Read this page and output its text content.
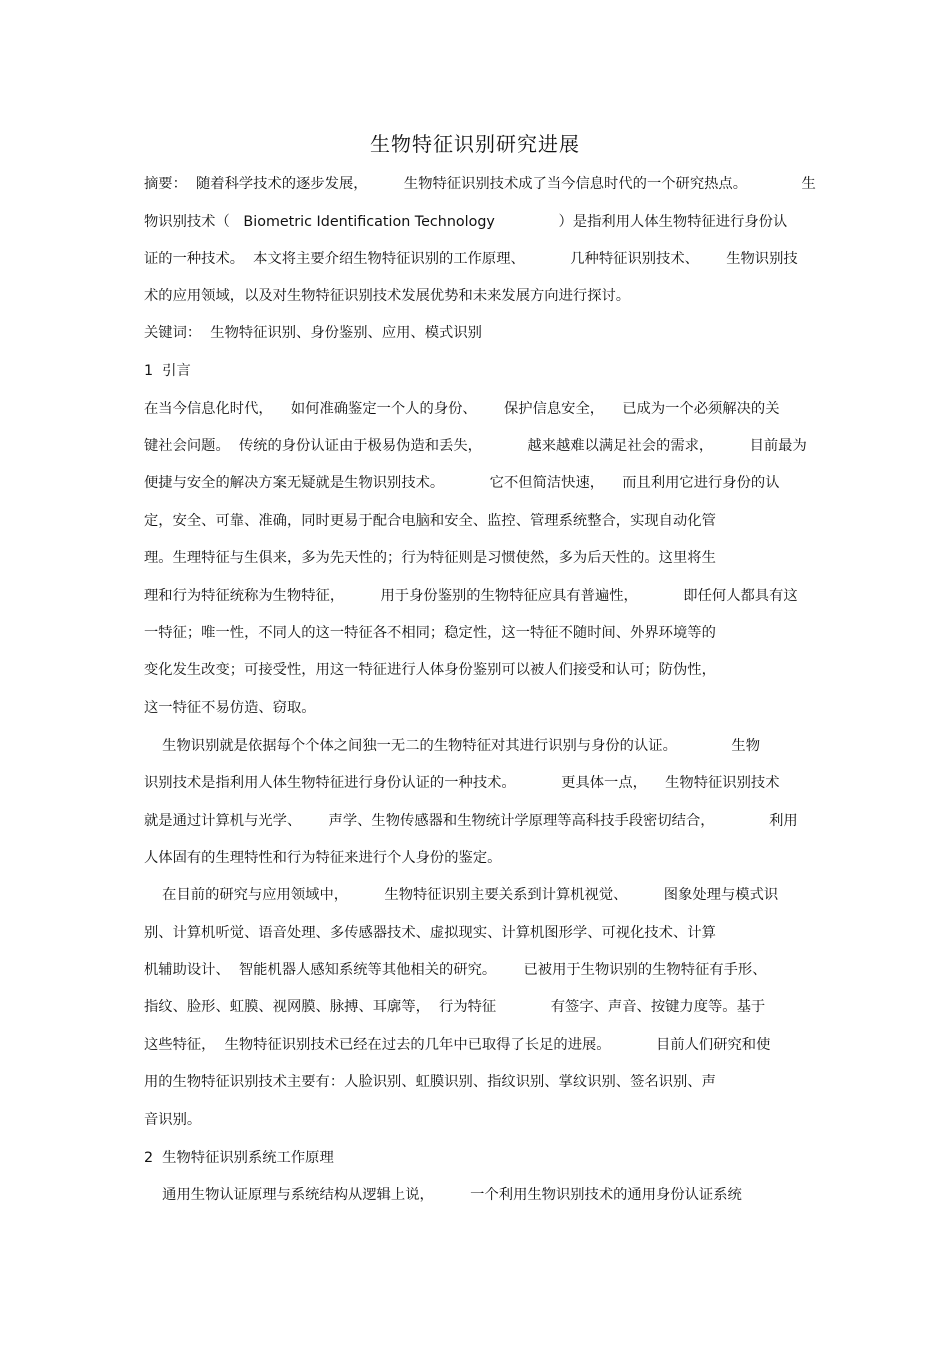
生物特征识别研究进展
摘要：  随着科学技术的逐步发展，        生物特征识别技术成了当今信息时代的一个研究热点。            生
物识别技术（   Biometric Identification Technology              ）是指利用人体生物特征进行身份认
证的一种技术。  本文将主要介绍生物特征识别的工作原理、          几种特征识别技术、      生物识别技
术的应用领域，以及对生物特征识别技术发展优势和未来发展方向进行探讨。
关键词：  生物特征识别、身份鉴别、应用、模式识别
1  引言
在当今信息化时代，    如何准确鉴定一个人的身份、      保护信息安全，    已成为一个必须解决的关
键社会问题。  传统的身份认证由于极易伪造和丢失，          越来越难以满足社会的需求，        目前最为
便捷与安全的解决方案无疑就是生物识别技术。          它不但简洁快速，    而且利用它进行身份的认
定，安全、可靠、准确，同时更易于配合电脑和安全、监控、管理系统整合，实现自动化管
理。生理特征与生俱来，多为先天性的；行为特征则是习惯使然，多为后天性的。这里将生
理和行为特征统称为生物特征，        用于身份鉴别的生物特征应具有普遍性，          即任何人都具有这
一特征；唯一性，不同人的这一特征各不相同；稳定性，这一特征不随时间、外界环境等的
变化发生改变；可接受性，用这一特征进行人体身份鉴别可以被人们接受和认可；防伪性，
这一特征不易仿造、窃取。
生物识别就是依据每个个体之间独一无二的生物特征对其进行识别与身份的认证。            生物
识别技术是指利用人体生物特征进行身份认证的一种技术。          更具体一点，    生物特征识别技术
就是通过计算机与光学、      声学、生物传感器和生物统计学原理等高科技手段密切结合，            利用
人体固有的生理特性和行为特征来进行个人身份的鉴定。
在目前的研究与应用领域中，        生物特征识别主要关系到计算机视觉、        图象处理与模式识
别、计算机听觉、语音处理、多传感器技术、虚拟现实、计算机图形学、可视化技术、计算
机辅助设计、  智能机器人感知系统等其他相关的研究。      已被用于生物识别的生物特征有手形、
指纹、脸形、虹膜、视网膜、脉搏、耳廓等，  行为特征            有签字、声音、按键力度等。基于
这些特征，  生物特征识别技术已经在过去的几年中已取得了长足的进展。          目前人们研究和使
用的生物特征识别技术主要有：人脸识别、虹膜识别、指纹识别、掌纹识别、签名识别、声
音识别。
2  生物特征识别系统工作原理
通用生物认证原理与系统结构从逻辑上说，        一个利用生物识别技术的通用身份认证系统
